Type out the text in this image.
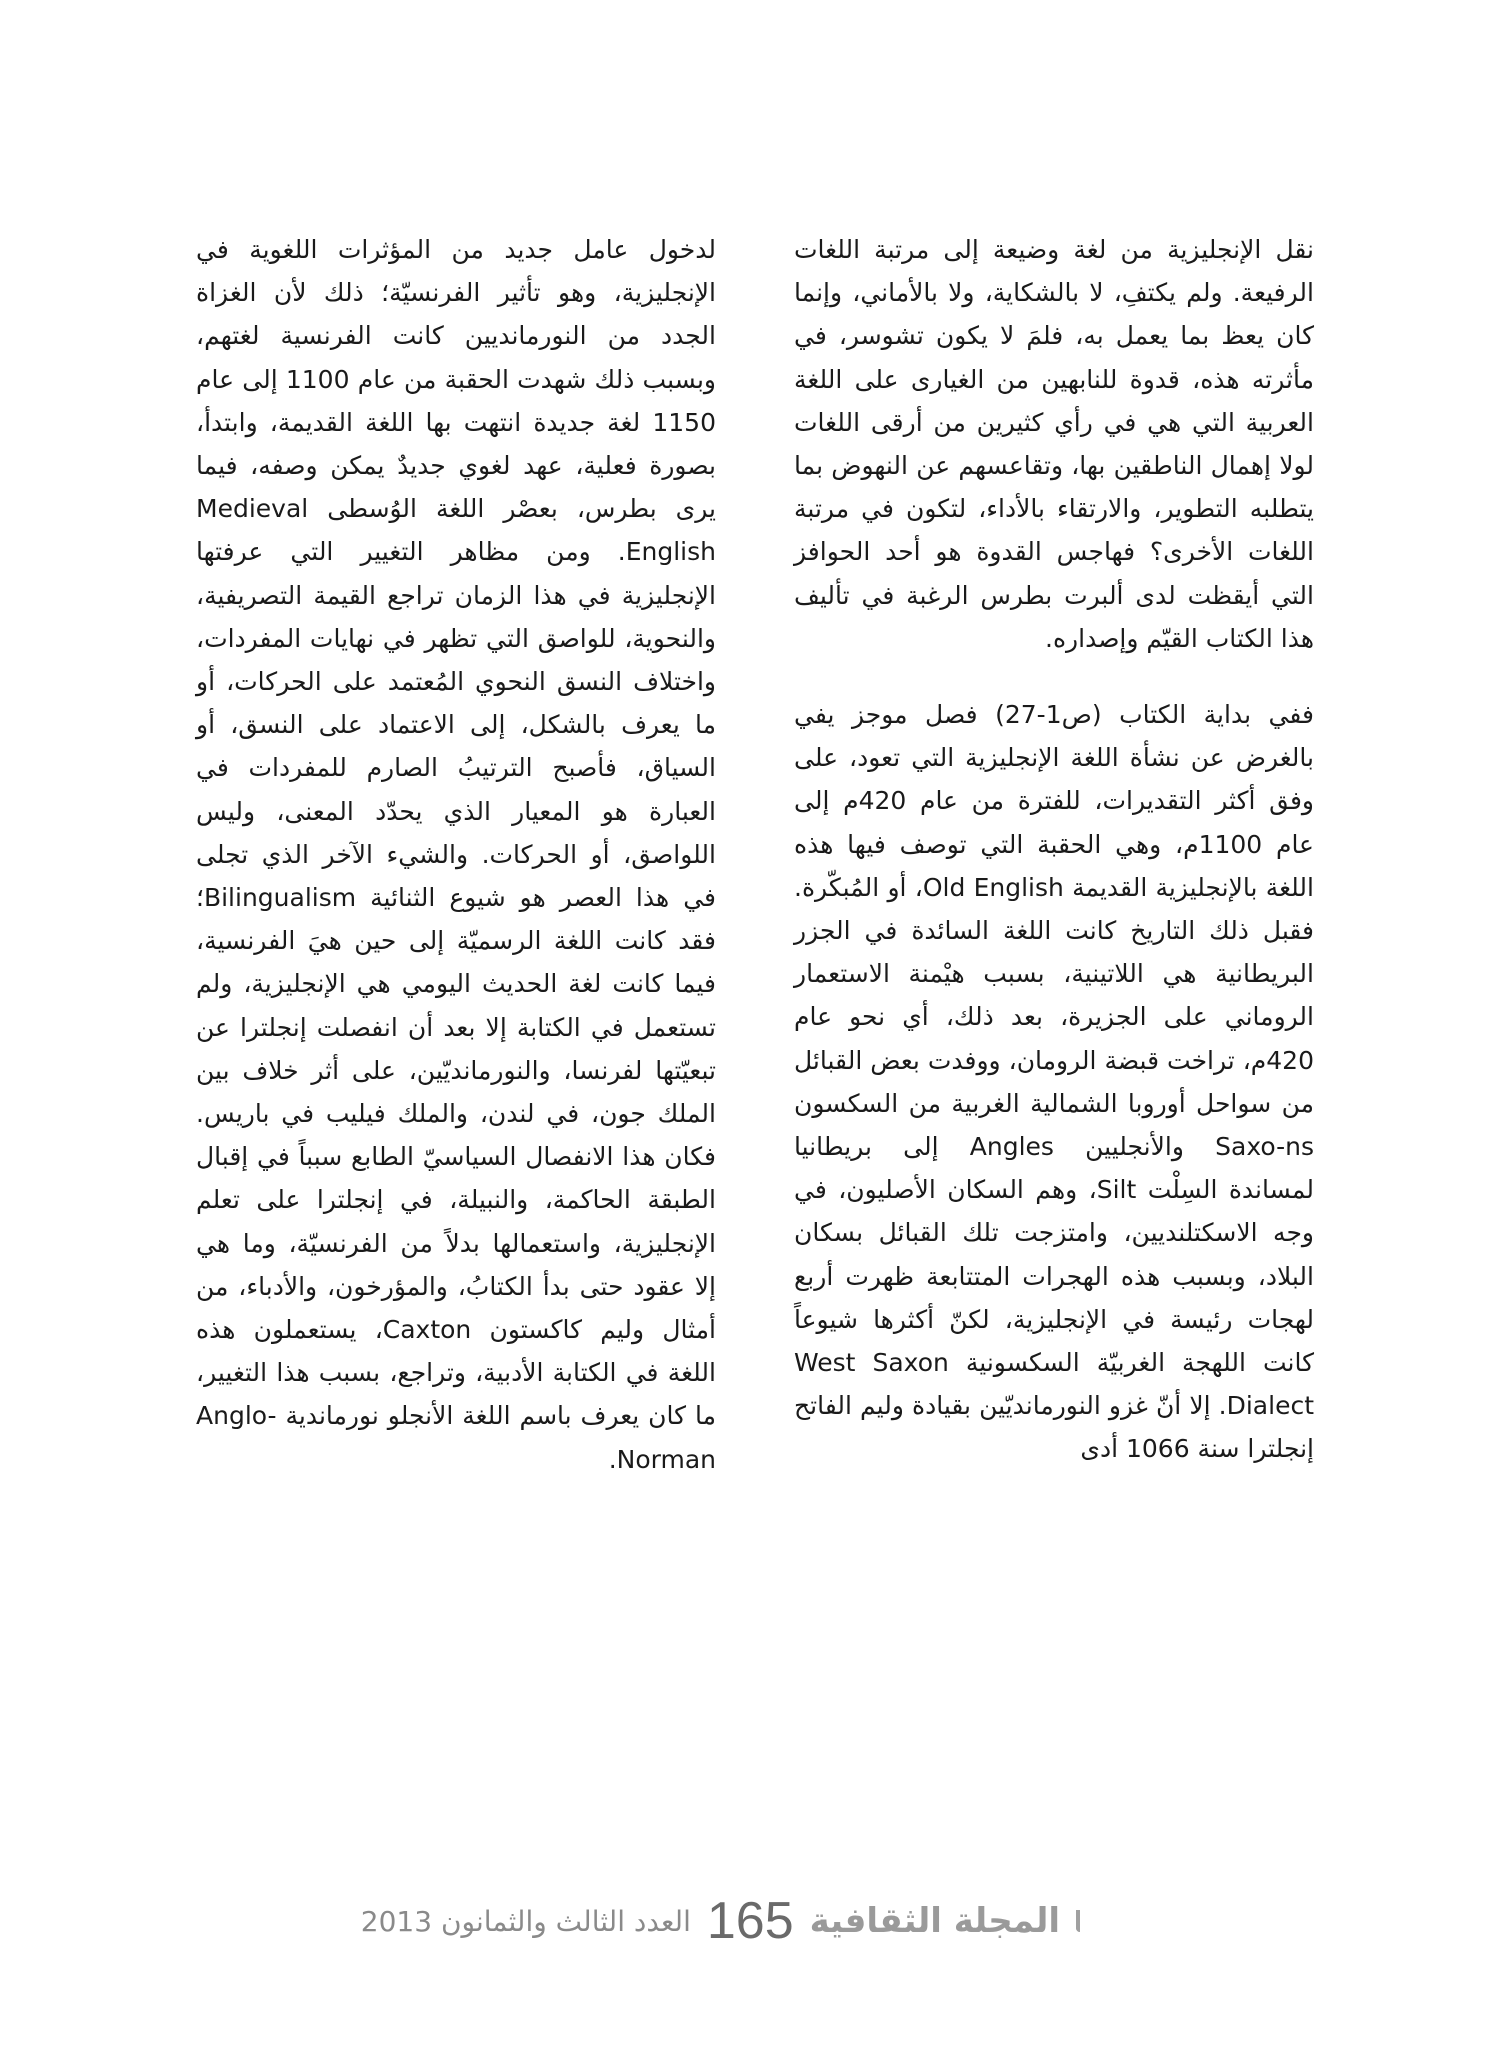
نقل الإنجليزية من لغة وضيعة إلى مرتبة اللغات الرفيعة. ولم يكتفِ، لا بالشكاية، ولا بالأماني، وإنما كان يعظ بما يعمل به، فلمَ لا يكون تشوسر، في مأثرته هذه، قدوة للنابهين من الغيارى على اللغة العربية التي هي في رأي كثيرين من أرقى اللغات لولا إهمال الناطقين بها، وتقاعسهم عن النهوض بما يتطلبه التطوير، والارتقاء بالأداء، لتكون في مرتبة اللغات الأخرى؟ فهاجس القدوة هو أحد الحوافز التي أيقظت لدى ألبرت بطرس الرغبة في تأليف هذا الكتاب القيّم وإصداره.

ففي بداية الكتاب (ص1-27) فصل موجز يفي بالغرض عن نشأة اللغة الإنجليزية التي تعود، على وفق أكثر التقديرات، للفترة من عام 420م إلى عام 1100م، وهي الحقبة التي توصف فيها هذه اللغة بالإنجليزية القديمة Old English، أو المُبكّرة. فقبل ذلك التاريخ كانت اللغة السائدة في الجزر البريطانية هي اللاتينية، بسبب هيْمنة الاستعمار الروماني على الجزيرة، بعد ذلك، أي نحو عام 420م، تراخت قبضة الرومان، ووفدت بعض القبائل من سواحل أوروبا الشمالية الغربية من السكسون Saxo-ns والأنجليين Angles إلى بريطانيا لمساندة السِلْت Silt، وهم السكان الأصليون، في وجه الاسكتلنديين، وامتزجت تلك القبائل بسكان البلاد، وبسبب هذه الهجرات المتتابعة ظهرت أربع لهجات رئيسة في الإنجليزية، لكنّ أكثرها شيوعاً كانت اللهجة الغربيّة السكسونية West Saxon Dialect. إلا أنّ غزو النورمانديّين بقيادة وليم الفاتح إنجلترا سنة 1066 أدى

لدخول عامل جديد من المؤثرات اللغوية في الإنجليزية، وهو تأثير الفرنسيّة؛ ذلك لأن الغزاة الجدد من النورمانديين كانت الفرنسية لغتهم، وبسبب ذلك شهدت الحقبة من عام 1100 إلى عام 1150 لغة جديدة انتهت بها اللغة القديمة، وابتدأ، بصورة فعلية، عهد لغوي جديدٌ يمكن وصفه، فيما يرى بطرس، بعصْر اللغة الوُسطى Medieval English. ومن مظاهر التغيير التي عرفتها الإنجليزية في هذا الزمان تراجع القيمة التصريفية، والنحوية، للواصق التي تظهر في نهايات المفردات، واختلاف النسق النحوي المُعتمد على الحركات، أو ما يعرف بالشكل، إلى الاعتماد على النسق، أو السياق، فأصبح الترتيبُ الصارم للمفردات في العبارة هو المعيار الذي يحدّد المعنى، وليس اللواصق، أو الحركات. والشيء الآخر الذي تجلى في هذا العصر هو شيوع الثنائية Bilingualism؛ فقد كانت اللغة الرسميّة إلى حين هيَ الفرنسية، فيما كانت لغة الحديث اليومي هي الإنجليزية، ولم تستعمل في الكتابة إلا بعد أن انفصلت إنجلترا عن تبعيّتها لفرنسا، والنورمانديّين، على أثر خلاف بين الملك جون، في لندن، والملك فيليب في باريس. فكان هذا الانفصال السياسيّ الطابع سبباً في إقبال الطبقة الحاكمة، والنبيلة، في إنجلترا على تعلم الإنجليزية، واستعمالها بدلاً من الفرنسيّة، وما هي إلا عقود حتى بدأ الكتابُ، والمؤرخون، والأدباء، من أمثال وليم كاكستون Caxton، يستعملون هذه اللغة في الكتابة الأدبية، وتراجع، بسبب هذا التغيير، ما كان يعرف باسم اللغة الأنجلو نورماندية Anglo- Norman.

المجلة الثقافية
165
العدد الثالث والثمانون 2013
